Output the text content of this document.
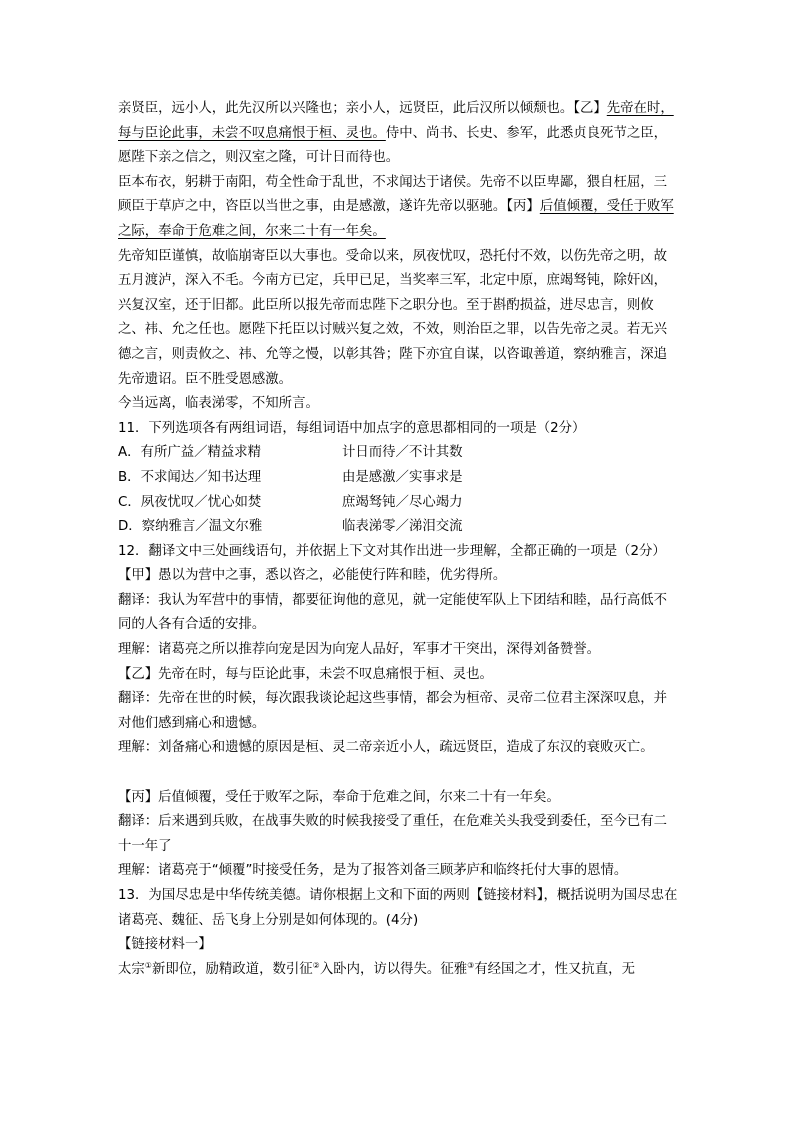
亲贤臣，远小人，此先汉所以兴隆也；亲小人，远贤臣，此后汉所以倾颓也。【乙】先帝在时，每与臣论此事，未尝不叹息痛恨于桓、灵也。侍中、尚书、长史、参军，此悉贞良死节之臣，愿陛下亲之信之，则汉室之隆，可计日而待也。

臣本布衣，躬耕于南阳，苟全性命于乱世，不求闻达于诸侯。先帝不以臣卑鄙，猥自枉屈，三顾臣于草庐之中，咨臣以当世之事，由是感激，遂许先帝以驱驰。【丙】后值倾覆，受任于败军之际，奉命于危难之间，尔来二十有一年矣。

先帝知臣谨慎，故临崩寄臣以大事也。受命以来，夙夜忧叹，恐托付不效，以伤先帝之明，故五月渡泸，深入不毛。今南方已定，兵甲已足，当奖率三军，北定中原，庶竭驽钝，除奸凶，兴复汉室，还于旧都。此臣所以报先帝而忠陛下之职分也。至于斟酌损益，进尽忠言，则攸之、祎、允之任也。愿陛下托臣以讨贼兴复之效，不效，则治臣之罪，以告先帝之灵。若无兴德之言，则责攸之、祎、允等之慢，以彰其咎；陛下亦宜自谋，以咨诹善道，察纳雅言，深追先帝遗诏。臣不胜受恩感激。

今当远离，临表涕零，不知所言。

11．下列选项各有两组词语，每组词语中加点字的意思都相同的一项是（2分）

A．有所广益／精益求精	计日而待／不计其数
B．不求闻达／知书达理	由是感激／实事求是
C．夙夜忧叹／忧心如焚	庶竭驽钝／尽心竭力
D．察纳雅言／温文尔雅	临表涕零／涕泪交流

12．翻译文中三处画线语句，并依据上下文对其作出进一步理解，全都正确的一项是（2分）

【甲】愚以为营中之事，悉以咨之，必能使行阵和睦，优劣得所。

翻译：我认为军营中的事情，都要征询他的意见，就一定能使军队上下团结和睦，品行高低不同的人各有合适的安排。

理解：诸葛亮之所以推荐向宠是因为向宠人品好，军事才干突出，深得刘备赞誉。

【乙】先帝在时，每与臣论此事，未尝不叹息痛恨于桓、灵也。

翻译：先帝在世的时候，每次跟我谈论起这些事情，都会为桓帝、灵帝二位君主深深叹息，并对他们感到痛心和遗憾。

理解：刘备痛心和遗憾的原因是桓、灵二帝亲近小人，疏远贤臣，造成了东汉的衰败灭亡。

【丙】后值倾覆，受任于败军之际，奉命于危难之间，尔来二十有一年矣。

翻译：后来遇到兵败，在战事失败的时候我接受了重任，在危难关头我受到委任，至今已有二十一年了

理解：诸葛亮于“倾覆”时接受任务，是为了报答刘备三顾茅庐和临终托付大事的恩情。

13．为国尽忠是中华传统美德。请你根据上文和下面的两则【链接材料】，概括说明为国尽忠在诸葛亮、魏征、岳飞身上分别是如何体现的。(4分)

【链接材料一】

太宗①新即位，励精政道，数引征②入卧内，访以得失。征雅③有经国之才，性又抗直，无
